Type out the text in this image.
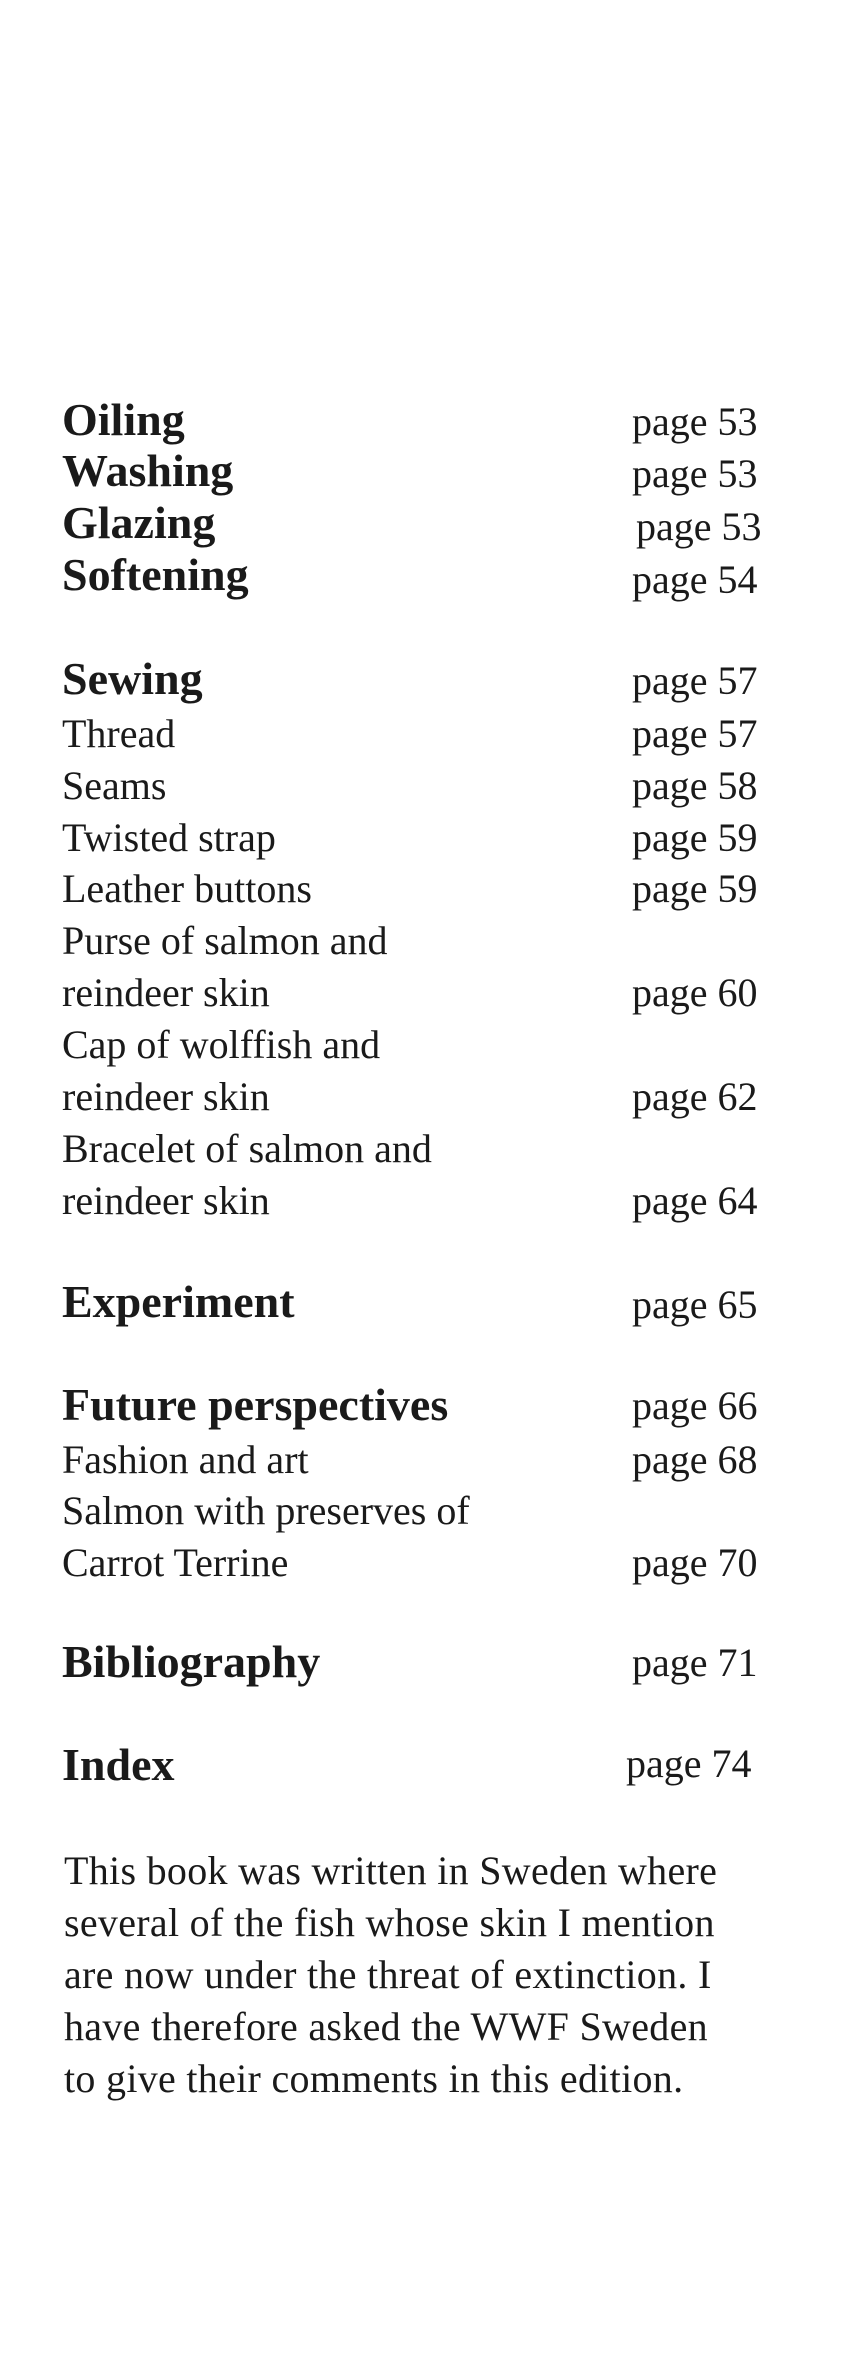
Oiling	page 53
Washing	page 53
Glazing	page 53
Softening	page 54
Sewing	page 57
Thread	page 57
Seams	page 58
Twisted strap	page 59
Leather buttons	page 59
Purse of salmon and
reindeer skin	page 60
Cap of wolffish and
reindeer skin	page 62
Bracelet of salmon and
reindeer skin	page 64
Experiment	page 65
Future perspectives	page 66
Fashion and art	page 68
Salmon with preserves of
Carrot Terrine	page 70
Bibliography	page 71
Index	page 74
This book was written in Sweden where
several of the fish whose skin I mention
are now under the threat of extinction. I
have therefore asked the WWF Sweden
to give their comments in this edition.
